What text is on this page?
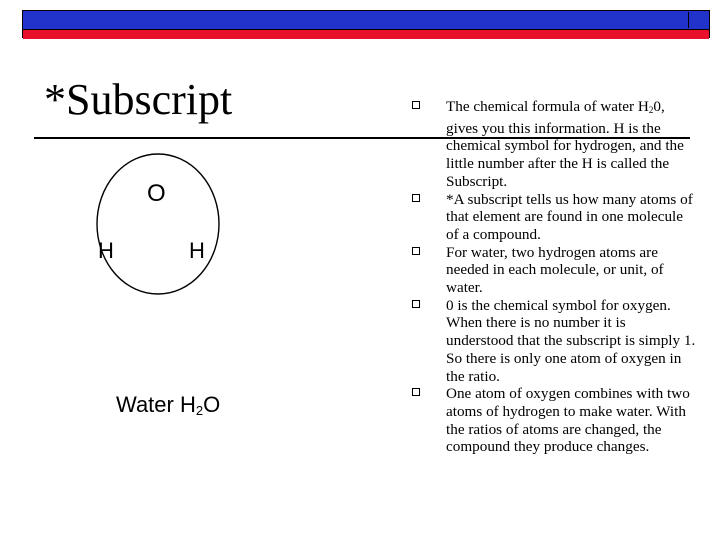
*Subscript
O
H	H
Water $H_2O$
The chemical formula of water H20, gives you this information. H is the chemical symbol for hydrogen, and the little number after the H is called the Subscript.
*A subscript tells us how many atoms of that element are found in one molecule of a compound.
For water, two hydrogen atoms are needed in each molecule, or unit, of water.
0 is the chemical symbol for oxygen. When there is no number it is understood that the subscript is simply 1. So there is only one atom of oxygen in the ratio.
One atom of oxygen combines with two atoms of hydrogen to make water. With the ratios of atoms are changed, the compound they produce changes.
